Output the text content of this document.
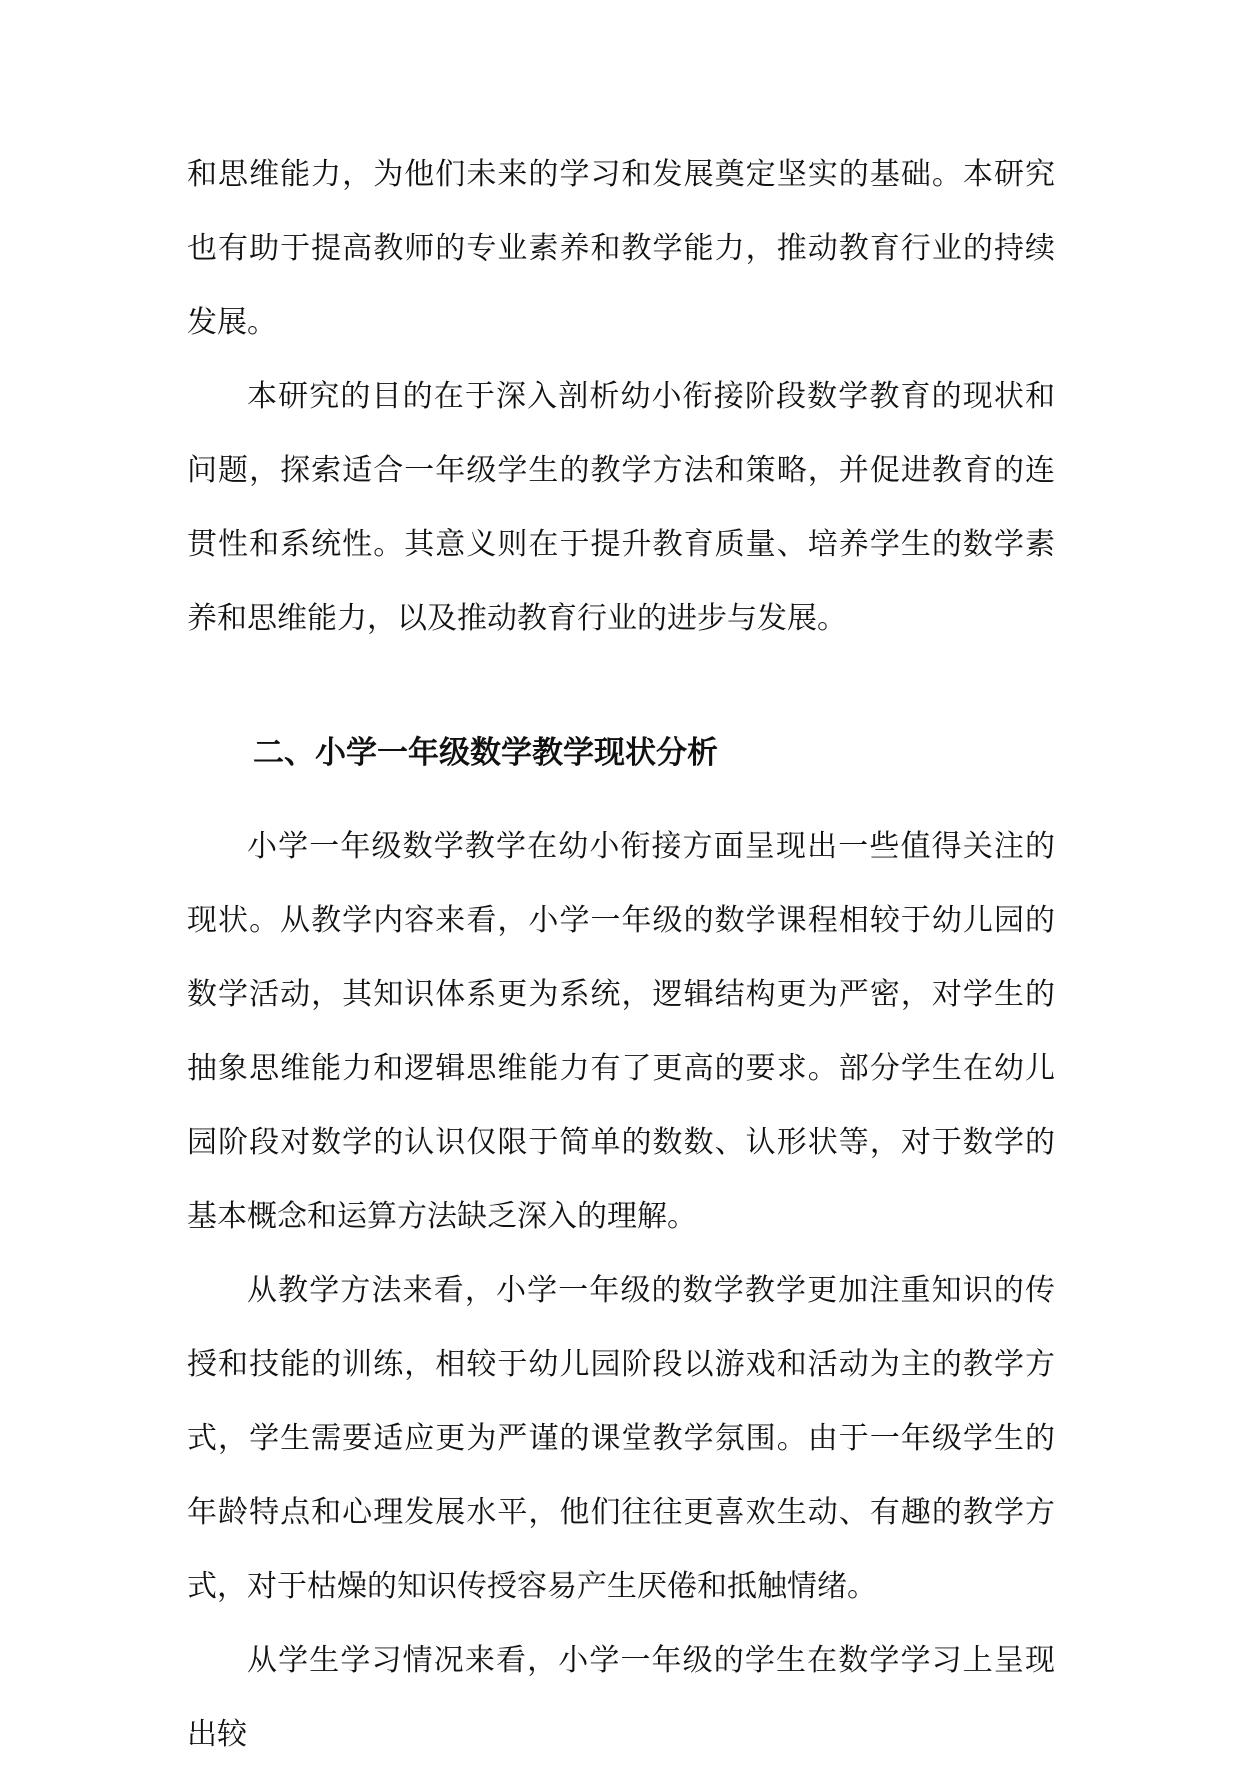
和思维能力，为他们未来的学习和发展奠定坚实的基础。本研究也有助于提高教师的专业素养和教学能力，推动教育行业的持续发展。

本研究的目的在于深入剖析幼小衔接阶段数学教育的现状和问题，探索适合一年级学生的教学方法和策略，并促进教育的连贯性和系统性。其意义则在于提升教育质量、培养学生的数学素养和思维能力，以及推动教育行业的进步与发展。

二、小学一年级数学教学现状分析

小学一年级数学教学在幼小衔接方面呈现出一些值得关注的现状。从教学内容来看，小学一年级的数学课程相较于幼儿园的数学活动，其知识体系更为系统，逻辑结构更为严密，对学生的抽象思维能力和逻辑思维能力有了更高的要求。部分学生在幼儿园阶段对数学的认识仅限于简单的数数、认形状等，对于数学的基本概念和运算方法缺乏深入的理解。

从教学方法来看，小学一年级的数学教学更加注重知识的传授和技能的训练，相较于幼儿园阶段以游戏和活动为主的教学方式，学生需要适应更为严谨的课堂教学氛围。由于一年级学生的年龄特点和心理发展水平，他们往往更喜欢生动、有趣的教学方式，对于枯燥的知识传授容易产生厌倦和抵触情绪。

从学生学习情况来看，小学一年级的学生在数学学习上呈现出较
